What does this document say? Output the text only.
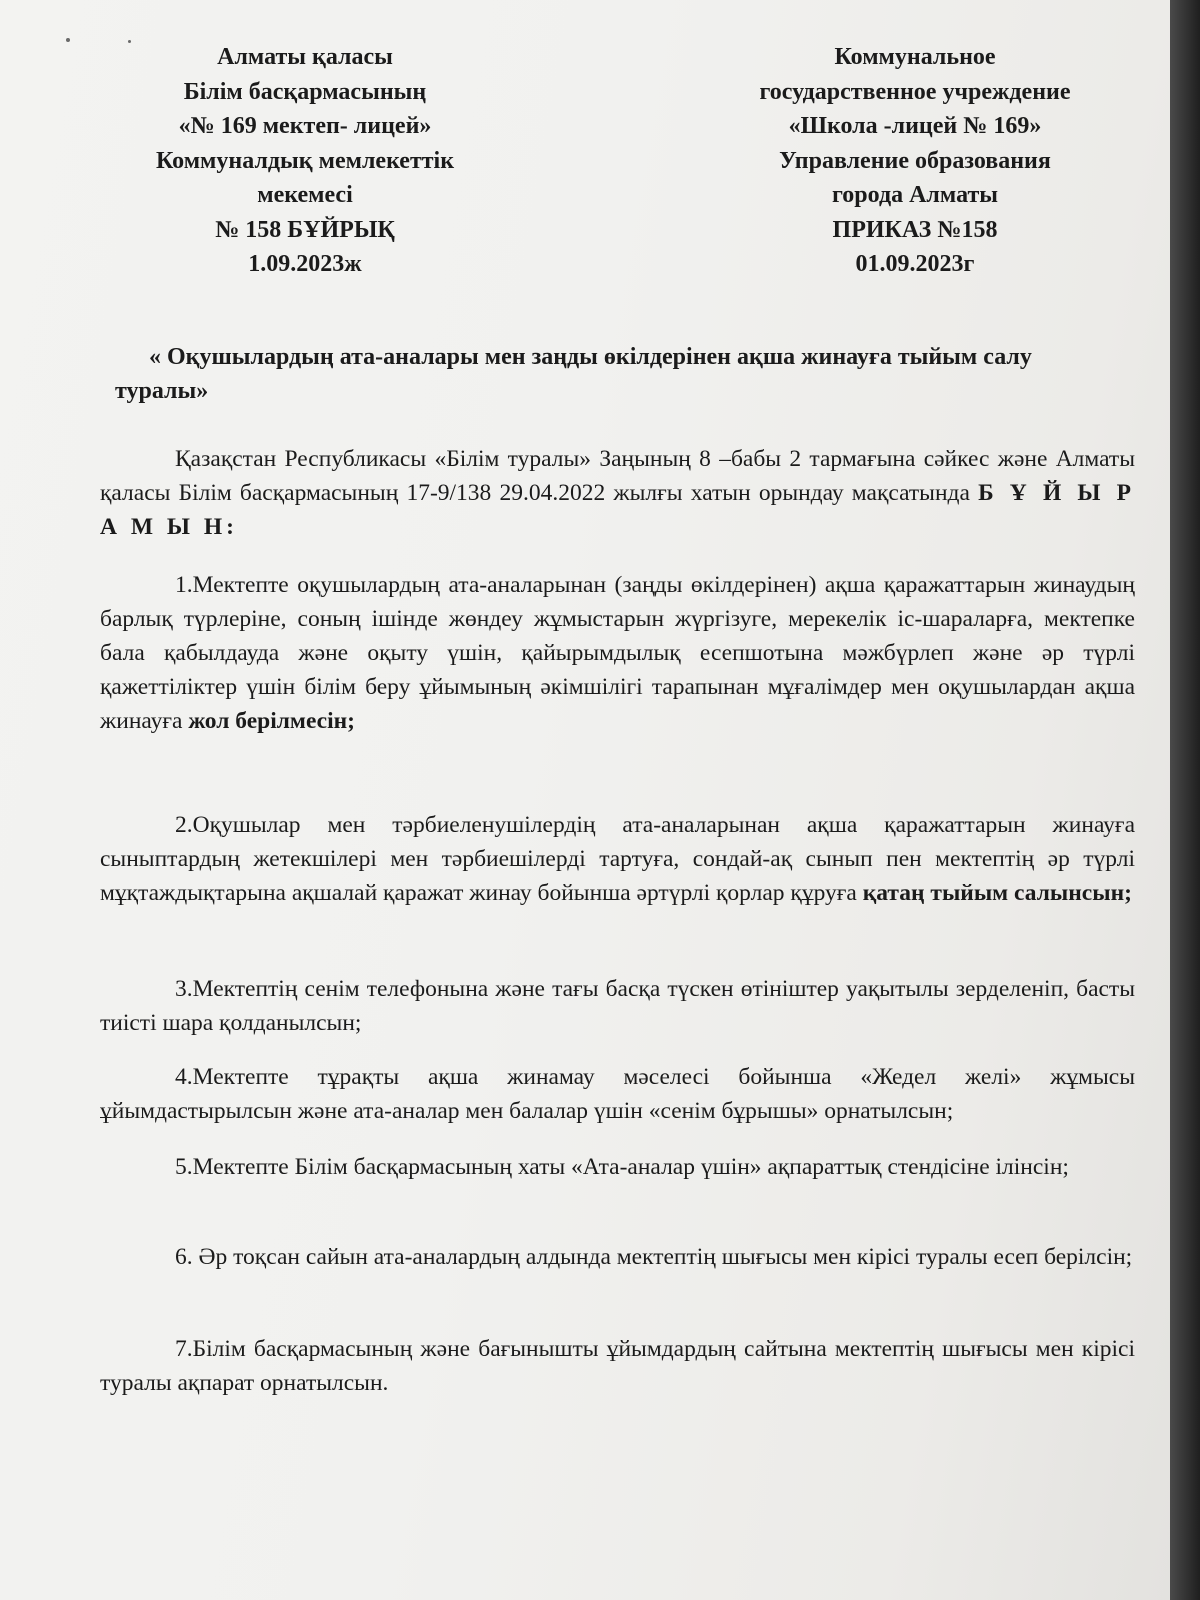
Алматы қаласы
Білім басқармасының
«№ 169 мектеп- лицей»
Коммуналдық мемлекеттік
мекемесі
№ 158 БҰЙРЫҚ
1.09.2023ж
Коммунальное
государственное учреждение
«Школа -лицей № 169»
Управление образования
города Алматы
ПРИКАЗ №158
01.09.2023г
« Оқушылардың ата-аналары мен заңды өкілдерінен ақша жинауға тыйым салу туралы»
Қазақстан Республикасы «Білім туралы» Заңының 8 –бабы 2 тармағына сәйкес және Алматы қаласы Білім басқармасының 17-9/138 29.04.2022 жылғы хатын орындау мақсатында Б Ұ Й Ы Р А М Ы Н:
1.Мектепте оқушылардың ата-аналарынан (заңды өкілдерінен) ақша қаражаттарын жинаудың барлық түрлеріне, соның ішінде жөндеу жұмыстарын жүргізуге, мерекелік іс-шараларға, мектепке бала қабылдауда және оқыту үшін, қайырымдылық есепшотына мәжбүрлеп және әр түрлі қажеттіліктер үшін білім беру ұйымының әкімшілігі тарапынан мұғалімдер мен оқушылардан ақша жинауға жол берілмесін;
2.Оқушылар мен тәрбиеленушілердің ата-аналарынан ақша қаражаттарын жинауға сыныптардың жетекшілері мен тәрбиешілерді тартуға, сондай-ақ сынып пен мектептің әр түрлі мұқтаждықтарына ақшалай қаражат жинау бойынша әртүрлі қорлар құруға қатаң тыйым салынсын;
3.Мектептің сенім телефонына және тағы басқа түскен өтініштер уақытылы зерделеніп, басты тиісті шара қолданылсын;
4.Мектепте тұрақты ақша жинамау мәселесі бойынша «Жедел желі» жұмысы ұйымдастырылсын және ата-аналар мен балалар үшін «сенім бұрышы» орнатылсын;
5.Мектепте Білім басқармасының хаты «Ата-аналар үшін» ақпараттық стендісіне ілінсін;
6. Әр тоқсан сайын ата-аналардың алдында мектептің шығысы мен кірісі туралы есеп берілсін;
7.Білім басқармасының және бағынышты ұйымдардың сайтына мектептің шығысы мен кірісі туралы ақпарат орнатылсын.
